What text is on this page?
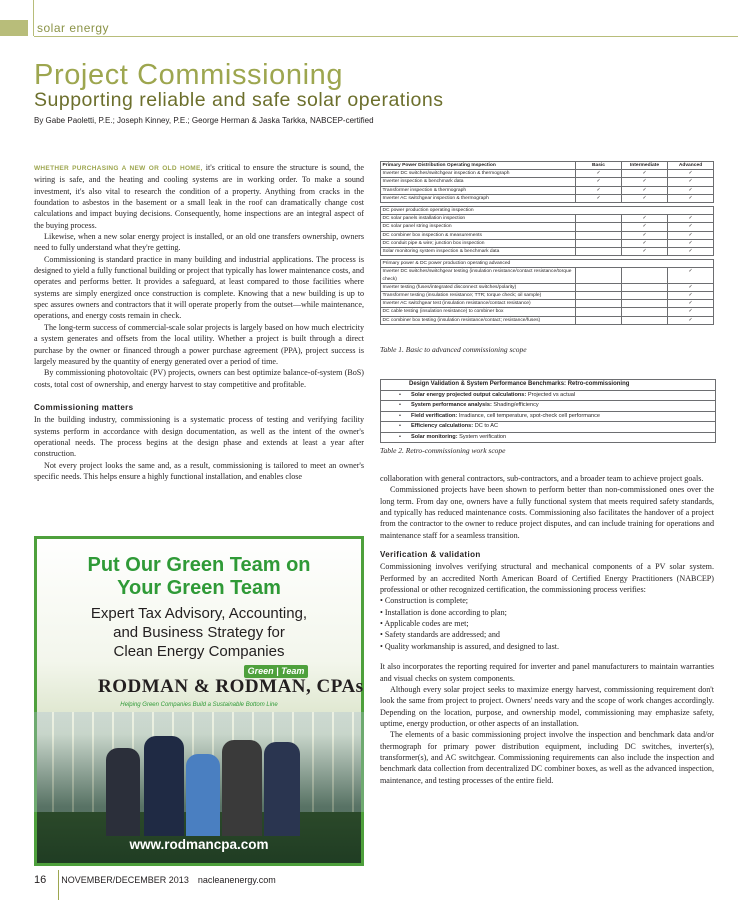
solar energy
Project Commissioning
Supporting reliable and safe solar operations
By Gabe Paoletti, P.E.; Joseph Kinney, P.E.; George Herman & Jaska Tarkka, NABCEP-certified

WHETHER PURCHASING A NEW OR OLD HOME, it's critical to ensure the structure is sound, the wiring is safe, and the heating and cooling systems are in working order. To make a sound investment, it's also vital to research the condition of a property. Anything from cracks in the foundation to asbestos in the basement or a small leak in the roof can dramatically change cost calculations and impact buying decisions. Consequently, home inspections are an integral aspect of the buying process.

Likewise, when a new solar energy project is installed, or an old one transfers ownership, owners need to fully understand what they're getting.

Commissioning is standard practice in many building and industrial applications. The process is designed to yield a fully functional building or project that typically has lower maintenance costs, and operates and performs better. It provides a safeguard, at least compared to those facilities where systems are simply energized once construction is complete. Knowing that a new building is up to spec assures owners and contractors that it will operate properly from the outset—while maintenance, operations, and energy costs remain in check.

The long-term success of commercial-scale solar projects is largely based on how much electricity a system generates and offsets from the local utility. Whether a project is built through a direct purchase by the owner or financed through a power purchase agreement (PPA), project success is largely measured by the quantity of energy generated over a period of time.

By commissioning photovoltaic (PV) projects, owners can best optimize balance-of-system (BoS) costs, total cost of ownership, and energy harvest to stay competitive and profitable.

Commissioning matters

In the building industry, commissioning is a systematic process of testing and verifying facility systems perform in accordance with design documentation, as well as the intent of the owner's operational needs. The process begins at the design phase and extends at least a year after construction.

Not every project looks the same and, as a result, commissioning is tailored to meet an owner's specific needs. This helps ensure a highly functional installation, and enables close

Primary Power Distribution Operating Inspection	Basic	Intermediate	Advanced
Inverter DC switches/switchgear inspection & thermograph	✓	✓	✓
Inverter inspection & benchmark data	✓	✓	✓
Transformer inspection & thermograph	✓	✓	✓
Inverter AC switchgear inspection & thermograph	✓	✓	✓

DC power production operating inspection			
DC solar panels installation inspection		✓	✓
DC solar panel string inspection		✓	✓
DC combiner box inspection & measurements		✓	✓
DC conduit pipe & wire; junction box inspection		✓	✓
Solar monitoring system inspection & benchmark data		✓	✓

Primary power & DC power production operating advanced			
Inverter DC switches/switchgear testing (insulation resistance/contact resistance/torque check)			✓
Inverter testing (fuses/integrated disconnect switches/polarity)			✓
Transformer testing (insulation resistance; TTR; torque check; oil sample)			✓
Inverter AC switchgear test (insulation resistance/contact resistance)			✓
DC cable testing (insulation resistance) to combiner box			✓
DC combiner box testing (insulation resistance/contact; resistance/fuses)			✓
Table 1. Basic to advanced commissioning scope
Design Validation & System Performance Benchmarks: Retro-commissioning
• Solar energy projected output calculations: Projected vs actual
• System performance analysis: Shading/efficiency
• Field verification: Irradiance, cell temperature, spot-check cell performance
• Efficiency calculations: DC to AC
• Solar monitoring: System verification
Table 2. Retro-commissioning work scope

collaboration with general contractors, sub-contractors, and a broader team to achieve project goals.

Commissioned projects have been shown to perform better than non-commissioned ones over the long term. From day one, owners have a fully functional system that meets required safety standards, and typically has reduced maintenance costs. Commissioning also facilitates the handover of a project from the contractor to the owner to reduce project disputes, and can include training for operations and maintenance staff for a seamless transition.

Verification & validation

Commissioning involves verifying structural and mechanical components of a PV solar system. Performed by an accredited North American Board of Certified Energy Practitioners (NABCEP) professional or other recognized certification, the commissioning process verifies:

• Construction is complete;
• Installation is done according to plan;
• Applicable codes are met;
• Safety standards are addressed; and
• Quality workmanship is assured, and designed to last.

It also incorporates the reporting required for inverter and panel manufacturers to maintain warranties and visual checks on system components.

Although every solar project seeks to maximize energy harvest, commissioning requirement don't look the same from project to project. Owners' needs vary and the scope of work changes accordingly. Depending on the location, purpose, and ownership model, commissioning may emphasize safety, uptime, energy production, or other aspects of an installation.

The elements of a basic commissioning project involve the inspection and benchmark data and/or thermograph for primary power distribution equipment, including DC switches, inverter(s), transformer(s), and AC switchgear. Commissioning requirements can also include the inspection and benchmark data collection from decentralized DC combiner boxes, as well as the advanced inspection, maintenance, and testing processes of the entire field.

Put Our Green Team on
Your Green Team
Expert Tax Advisory, Accounting,
and Business Strategy for
Clean Energy Companies
Green | Team
RODMAN & RODMAN, CPAs
Helping Green Companies Build a Sustainable Bottom Line
www.rodmancpa.com
16 NOVEMBER/DECEMBER 2013 nacleanenergy.com
